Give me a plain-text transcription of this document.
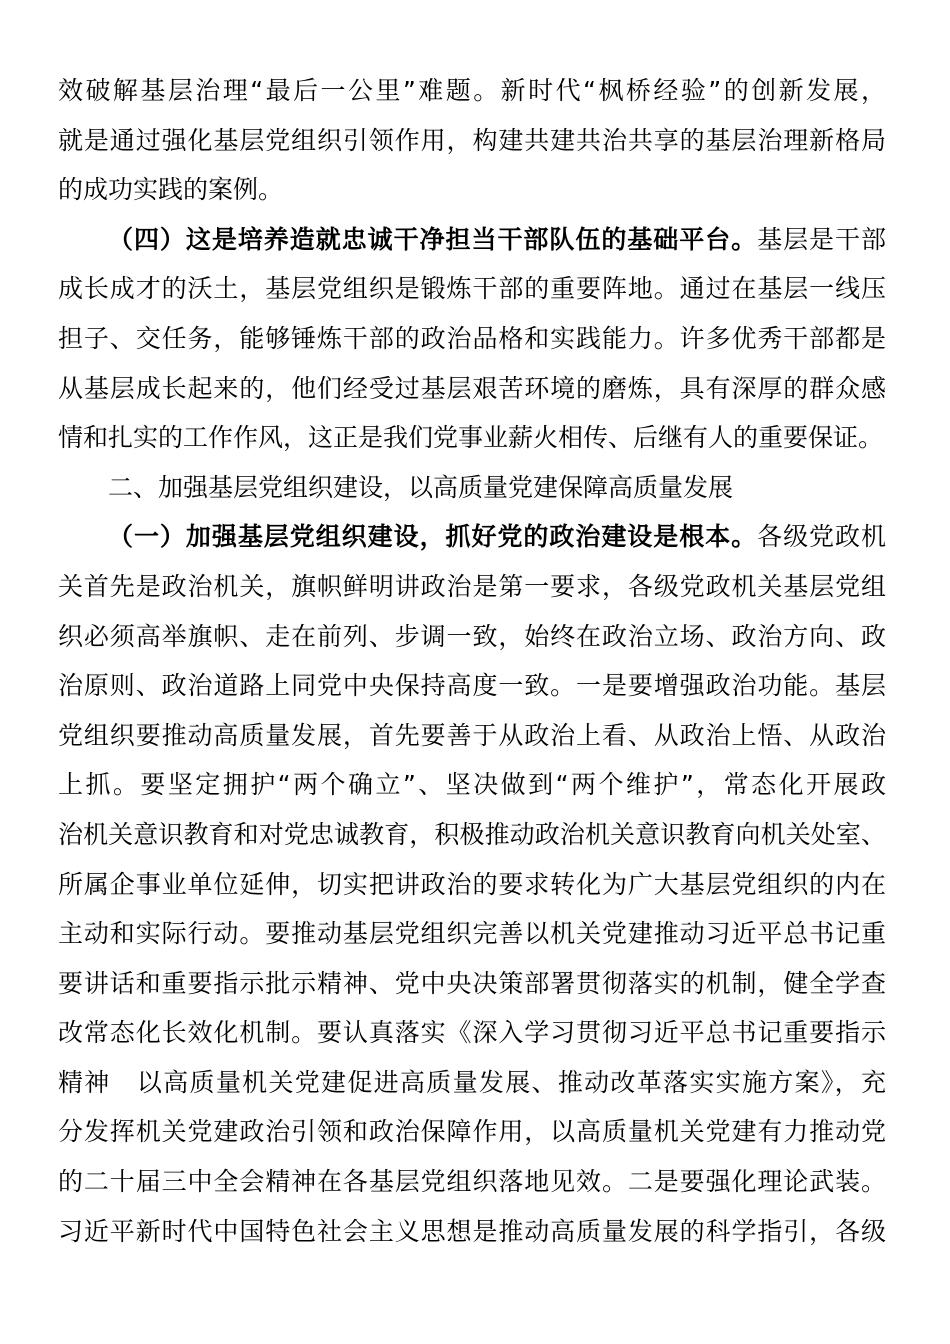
效破解基层治理“最后一公里”难题。新时代“枫桥经验”的创新发展，
就是通过强化基层党组织引领作用，构建共建共治共享的基层治理新格局
的成功实践的案例。
（四）这是培养造就忠诚干净担当干部队伍的基础平台。基层是干部
成长成才的沃土，基层党组织是锻炼干部的重要阵地。通过在基层一线压
担子、交任务，能够锤炼干部的政治品格和实践能力。许多优秀干部都是
从基层成长起来的，他们经受过基层艰苦环境的磨炼，具有深厚的群众感
情和扎实的工作作风，这正是我们党事业薪火相传、后继有人的重要保证。
二、加强基层党组织建设，以高质量党建保障高质量发展
（一）加强基层党组织建设，抓好党的政治建设是根本。各级党政机
关首先是政治机关，旗帜鲜明讲政治是第一要求，各级党政机关基层党组
织必须高举旗帜、走在前列、步调一致，始终在政治立场、政治方向、政
治原则、政治道路上同党中央保持高度一致。一是要增强政治功能。基层
党组织要推动高质量发展，首先要善于从政治上看、从政治上悟、从政治
上抓。要坚定拥护“两个确立”、坚决做到“两个维护”，常态化开展政
治机关意识教育和对党忠诚教育，积极推动政治机关意识教育向机关处室、
所属企事业单位延伸，切实把讲政治的要求转化为广大基层党组织的内在
主动和实际行动。要推动基层党组织完善以机关党建推动习近平总书记重
要讲话和重要指示批示精神、党中央决策部署贯彻落实的机制，健全学查
改常态化长效化机制。要认真落实《深入学习贯彻习近平总书记重要指示
精神　以高质量机关党建促进高质量发展、推动改革落实实施方案》，充
分发挥机关党建政治引领和政治保障作用，以高质量机关党建有力推动党
的二十届三中全会精神在各基层党组织落地见效。二是要强化理论武装。
习近平新时代中国特色社会主义思想是推动高质量发展的科学指引，各级
